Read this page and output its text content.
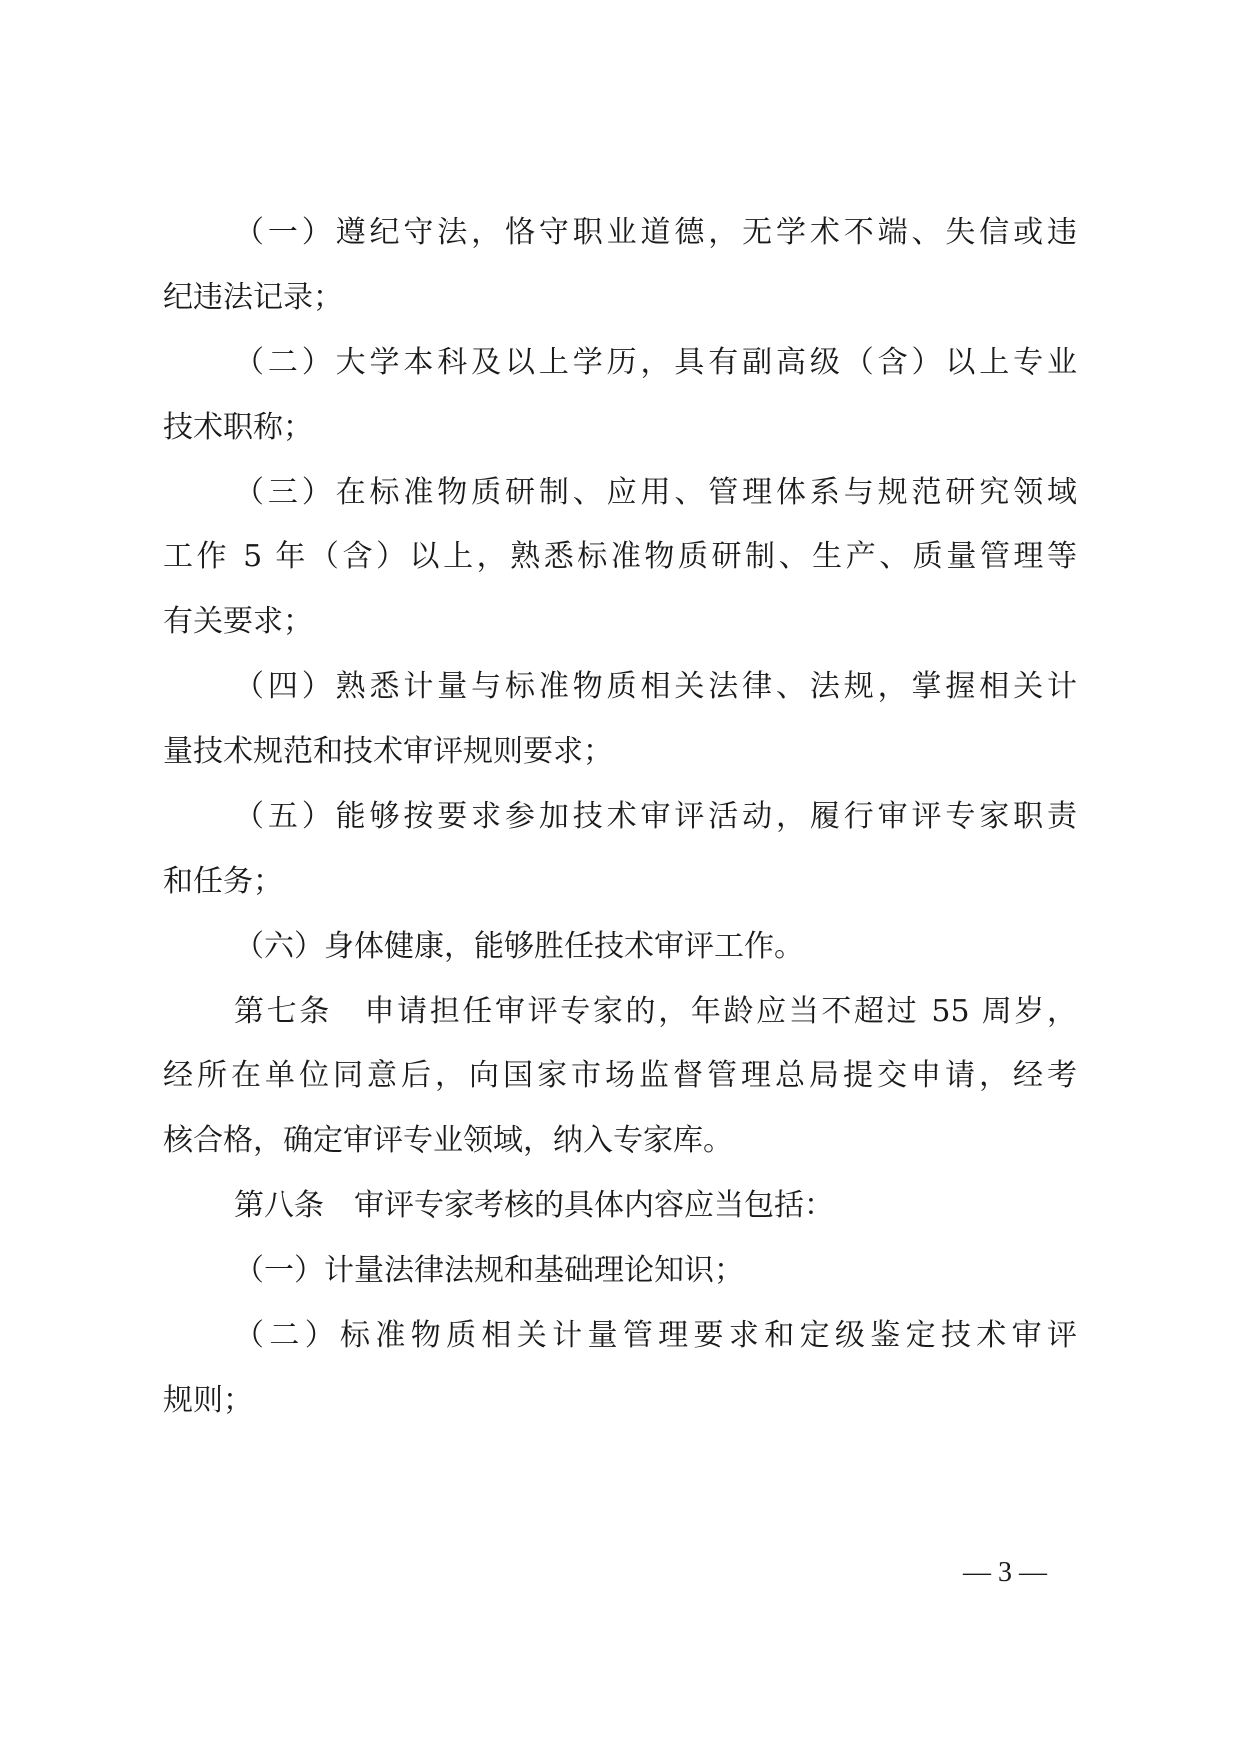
（一）遵纪守法，恪守职业道德，无学术不端、失信或违
纪违法记录；
（二）大学本科及以上学历，具有副高级（含）以上专业
技术职称；
（三）在标准物质研制、应用、管理体系与规范研究领域
工作 5 年（含）以上，熟悉标准物质研制、生产、质量管理等
有关要求；
（四）熟悉计量与标准物质相关法律、法规，掌握相关计
量技术规范和技术审评规则要求；
（五）能够按要求参加技术审评活动，履行审评专家职责
和任务；
（六）身体健康，能够胜任技术审评工作。
第七条　申请担任审评专家的，年龄应当不超过 55 周岁，
经所在单位同意后，向国家市场监督管理总局提交申请，经考
核合格，确定审评专业领域，纳入专家库。
第八条　审评专家考核的具体内容应当包括：
（一）计量法律法规和基础理论知识；
（二）标准物质相关计量管理要求和定级鉴定技术审评
规则；
— 3 —
